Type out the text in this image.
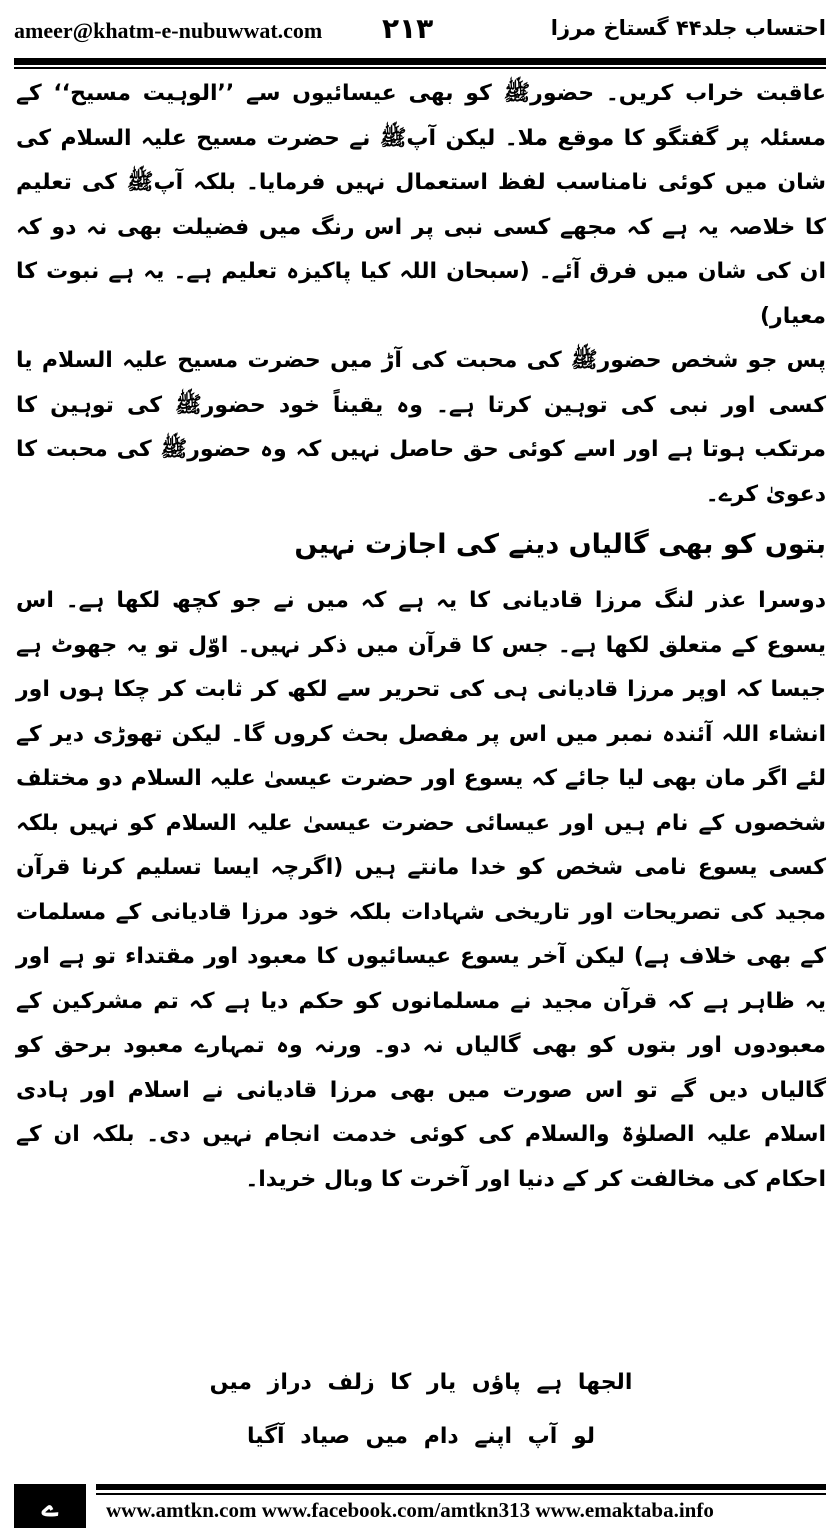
ameer@khatm-e-nubuwwat.com ۲۱۳	احتساب جلد۴۴ گستاخ مرزا

عاقبت خراب کریں۔ حضورﷺ کو بھی عیسائیوں سے ’’الوہیت مسیح‘‘ کے مسئلہ پر گفتگو کا موقع ملا۔ لیکن آپﷺ نے حضرت مسیح علیہ السلام کی شان میں کوئی نامناسب لفظ استعمال نہیں فرمایا۔ بلکہ آپﷺ کی تعلیم کا خلاصہ یہ ہے کہ مجھے کسی نبی پر اس رنگ میں فضیلت بھی نہ دو کہ ان کی شان میں فرق آئے۔ (سبحان اللہ کیا پاکیزہ تعلیم ہے۔ یہ ہے نبوت کا معیار)

پس جو شخص حضورﷺ کی محبت کی آڑ میں حضرت مسیح علیہ السلام یا کسی اور نبی کی توہین کرتا ہے۔ وہ یقیناً خود حضورﷺ کی توہین کا مرتکب ہوتا ہے اور اسے کوئی حق حاصل نہیں کہ وہ حضورﷺ کی محبت کا دعویٰ کرے۔

بتوں کو بھی گالیاں دینے کی اجازت نہیں

دوسرا عذر لنگ مرزا قادیانی کا یہ ہے کہ میں نے جو کچھ لکھا ہے۔ اس یسوع کے متعلق لکھا ہے۔ جس کا قرآن میں ذکر نہیں۔ اوّل تو یہ جھوٹ ہے جیسا کہ اوپر مرزا قادیانی ہی کی تحریر سے لکھ کر ثابت کر چکا ہوں اور انشاء اللہ آئندہ نمبر میں اس پر مفصل بحث کروں گا۔ لیکن تھوڑی دیر کے لئے اگر مان بھی لیا جائے کہ یسوع اور حضرت عیسیٰ علیہ السلام دو مختلف شخصوں کے نام ہیں اور عیسائی حضرت عیسیٰ علیہ السلام کو نہیں بلکہ کسی یسوع نامی شخص کو خدا مانتے ہیں (اگرچہ ایسا تسلیم کرنا قرآن مجید کی تصریحات اور تاریخی شہادات بلکہ خود مرزا قادیانی کے مسلمات کے بھی خلاف ہے) لیکن آخر یسوع عیسائیوں کا معبود اور مقتداء تو ہے اور یہ ظاہر ہے کہ قرآن مجید نے مسلمانوں کو حکم دیا ہے کہ تم مشرکین کے معبودوں اور بتوں کو بھی گالیاں نہ دو۔ ورنہ وہ تمہارے معبود برحق کو گالیاں دیں گے تو اس صورت میں بھی مرزا قادیانی نے اسلام اور ہادی اسلام علیہ الصلوٰۃ والسلام کی کوئی خدمت انجام نہیں دی۔ بلکہ ان کے احکام کی مخالفت کر کے دنیا اور آخرت کا وبال خریدا۔

الجھا ہے پاؤں یار کا زلف دراز میں
لو آپ اپنے دام میں صیاد آگیا
ے	www.amtkn.com www.facebook.com/amtkn313 www.emaktaba.info
